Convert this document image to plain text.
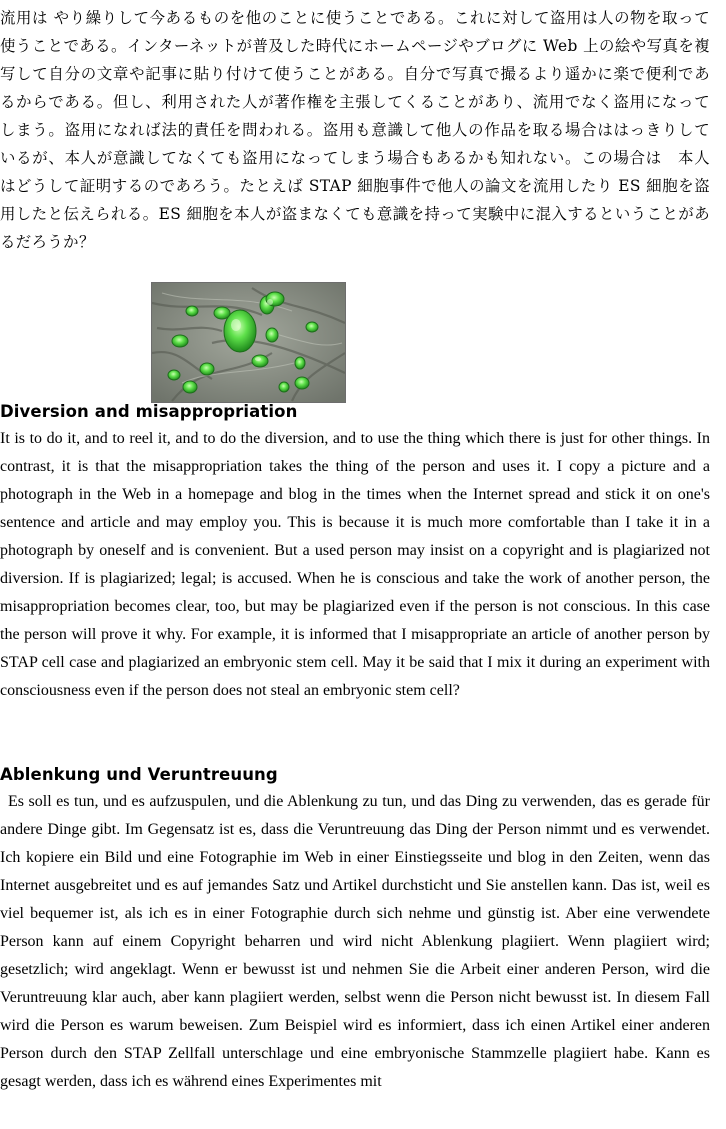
流用は やり繰りして今あるものを他のことに使うことである。これに対して盗用は人の物を取って使うことである。インターネットが普及した時代にホームページやブログに Web 上の絵や写真を複写して自分の文章や記事に貼り付けて使うことがある。自分で写真で撮るより遥かに楽で便利であるからである。但し、利用された人が著作権を主張してくることがあり、流用でなく盗用になってしまう。盗用になれば法的責任を問われる。盗用も意識して他人の作品を取る場合ははっきりしているが、本人が意識してなくても盗用になってしまう場合もあるかも知れない。この場合は　本人はどうして証明するのであろう。たとえば STAP 細胞事件で他人の論文を流用したり ES 細胞を盗用したと伝えられる。ES 細胞を本人が盗まなくても意識を持って実験中に混入するということがあるだろうか？

Diversion and misappropriation

It is to do it, and to reel it, and to do the diversion, and to use the thing which there is just for other things. In contrast, it is that the misappropriation takes the thing of the person and uses it. I copy a picture and a photograph in the Web in a homepage and blog in the times when the Internet spread and stick it on one's sentence and article and may employ you. This is because it is much more comfortable than I take it in a photograph by oneself and is convenient. But a used person may insist on a copyright and is plagiarized not diversion. If is plagiarized; legal; is accused. When he is conscious and take the work of another person, the misappropriation becomes clear, too, but may be plagiarized even if the person is not conscious. In this case the person will prove it why. For example, it is informed that I misappropriate an article of another person by STAP cell case and plagiarized an embryonic stem cell. May it be said that I mix it during an experiment with consciousness even if the person does not steal an embryonic stem cell?

Ablenkung und Veruntreuung

Es soll es tun, und es aufzuspulen, und die Ablenkung zu tun, und das Ding zu verwenden, das es gerade für andere Dinge gibt. Im Gegensatz ist es, dass die Veruntreuung das Ding der Person nimmt und es verwendet. Ich kopiere ein Bild und eine Fotographie im Web in einer Einstiegsseite und blog in den Zeiten, wenn das Internet ausgebreitet und es auf jemandes Satz und Artikel durchsticht und Sie anstellen kann. Das ist, weil es viel bequemer ist, als ich es in einer Fotographie durch sich nehme und günstig ist. Aber eine verwendete Person kann auf einem Copyright beharren und wird nicht Ablenkung plagiiert. Wenn plagiiert wird; gesetzlich; wird angeklagt. Wenn er bewusst ist und nehmen Sie die Arbeit einer anderen Person, wird die Veruntreuung klar auch, aber kann plagiiert werden, selbst wenn die Person nicht bewusst ist. In diesem Fall wird die Person es warum beweisen. Zum Beispiel wird es informiert, dass ich einen Artikel einer anderen Person durch den STAP Zellfall unterschlage und eine embryonische Stammzelle plagiiert habe. Kann es gesagt werden, dass ich es während eines Experimentes mit
